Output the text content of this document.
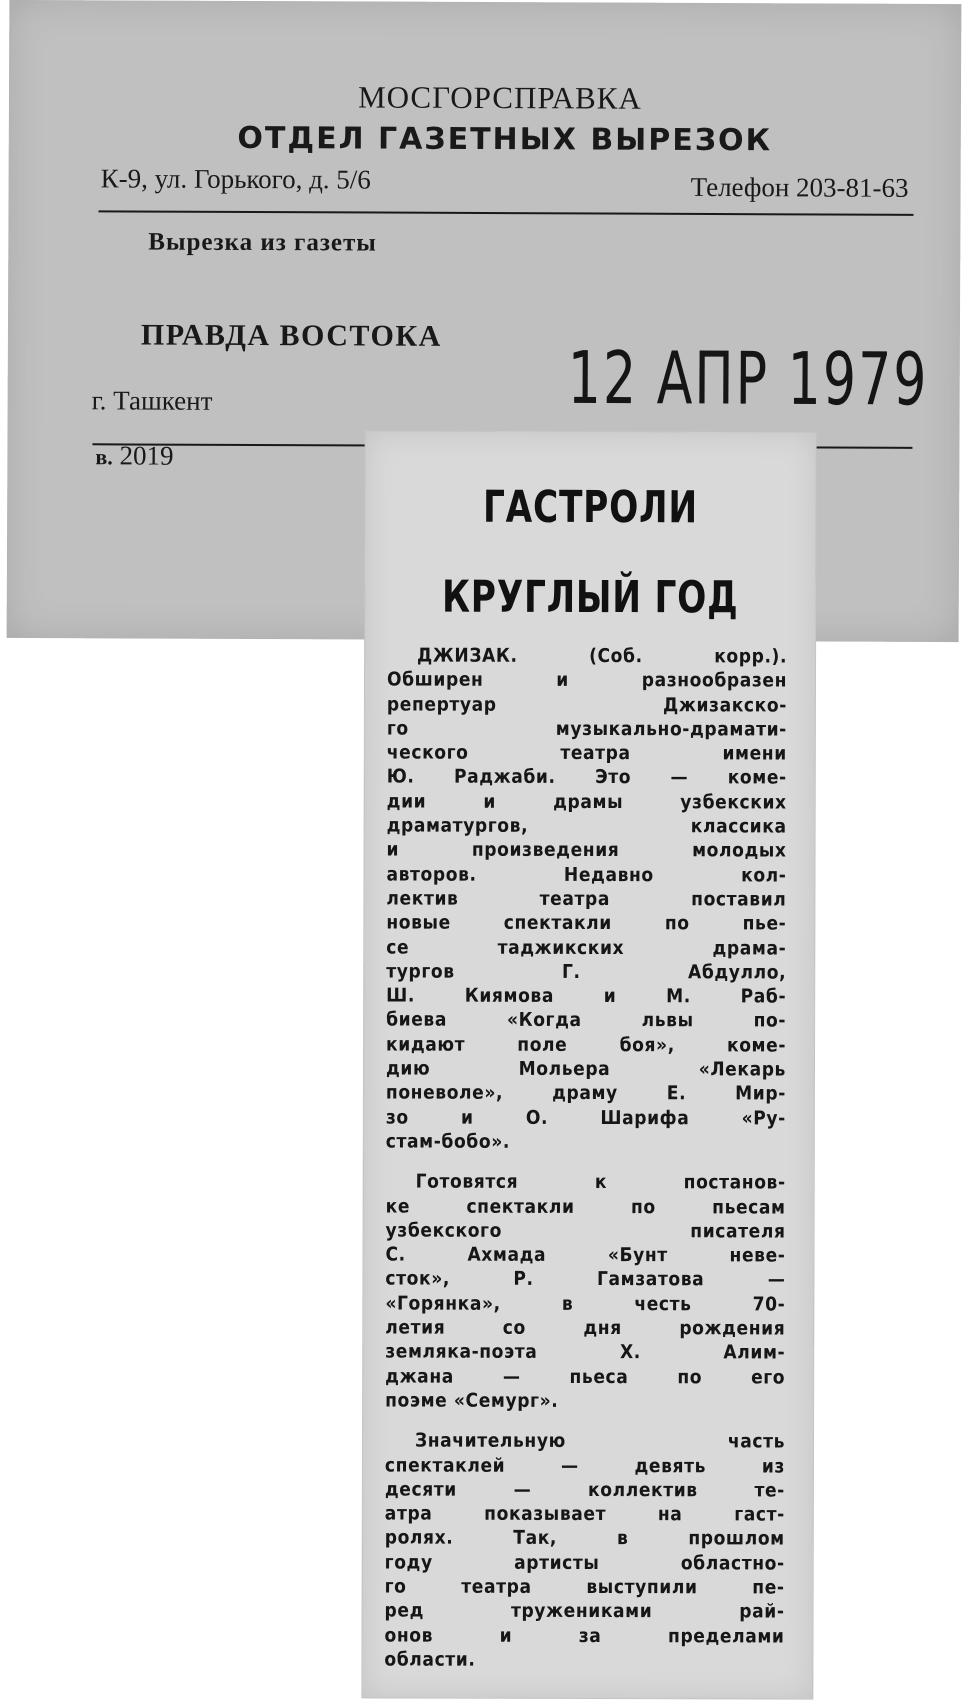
МОСГОРСПРАВКА
ОТДЕЛ ГАЗЕТНЫХ ВЫРЕЗОК
К-9, ул. Горького, д. 5/6	Телефон 203-81-63
Вырезка из газеты
ПРАВДА ВОСТОКА 12 АПР 1979
г. Ташкент
в. 2019
ГАСТРОЛИ
КРУГЛЫЙ ГОД
ДЖИЗАК. (Соб. корр.).
Обширен и разнообразен
репертуар Джизакско-
го музыкально-драмати-
ческого театра имени
Ю. Раджаби. Это — коме-
дии и драмы узбекских
драматургов, классика
и произведения молодых
авторов. Недавно кол-
лектив театра поставил
новые спектакли по пье-
се таджикских драма-
тургов Г. Абдулло,
Ш. Киямова и М. Раб-
биева «Когда львы по-
кидают поле боя», коме-
дию Мольера «Лекарь
поневоле», драму Е. Мир-
зо и О. Шарифа «Ру-
стам-бобо».
Готовятся к постанов-
ке спектакли по пьесам
узбекского писателя
С. Ахмада «Бунт неве-
сток», Р. Гамзатова —
«Горянка», в честь 70-
летия со дня рождения
земляка-поэта Х. Алим-
джана — пьеса по его
поэме «Семург».
Значительную часть
спектаклей — девять из
десяти — коллектив те-
атра показывает на гаст-
ролях. Так, в прошлом
году артисты областно-
го театра выступили пе-
ред тружениками рай-
онов и за пределами
области.
